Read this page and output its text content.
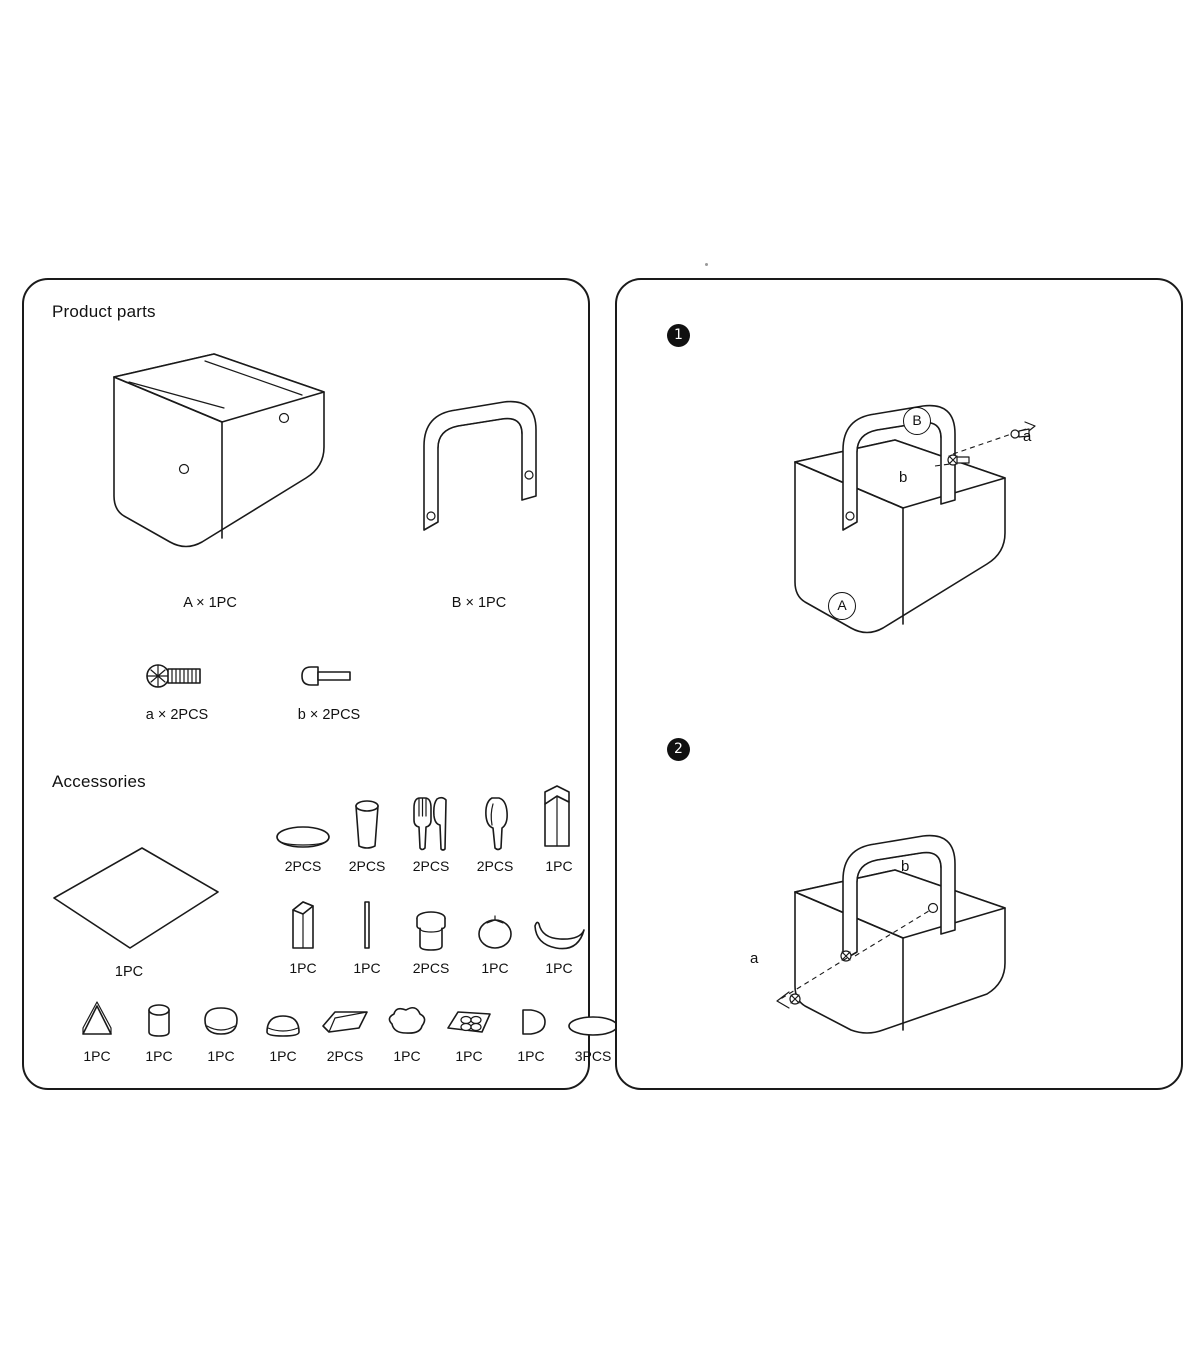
Product parts
A × 1PC	B × 1PC
a × 2PCS	b × 2PCS
Accessories
1PC
2PCS	2PCS	2PCS	2PCS	1PC
1PC	1PC	2PCS	1PC	1PC
1PC	1PC	1PC	1PC	2PCS	1PC	1PC	1PC	3PCS
1
B
A
a
b
2
b
a
